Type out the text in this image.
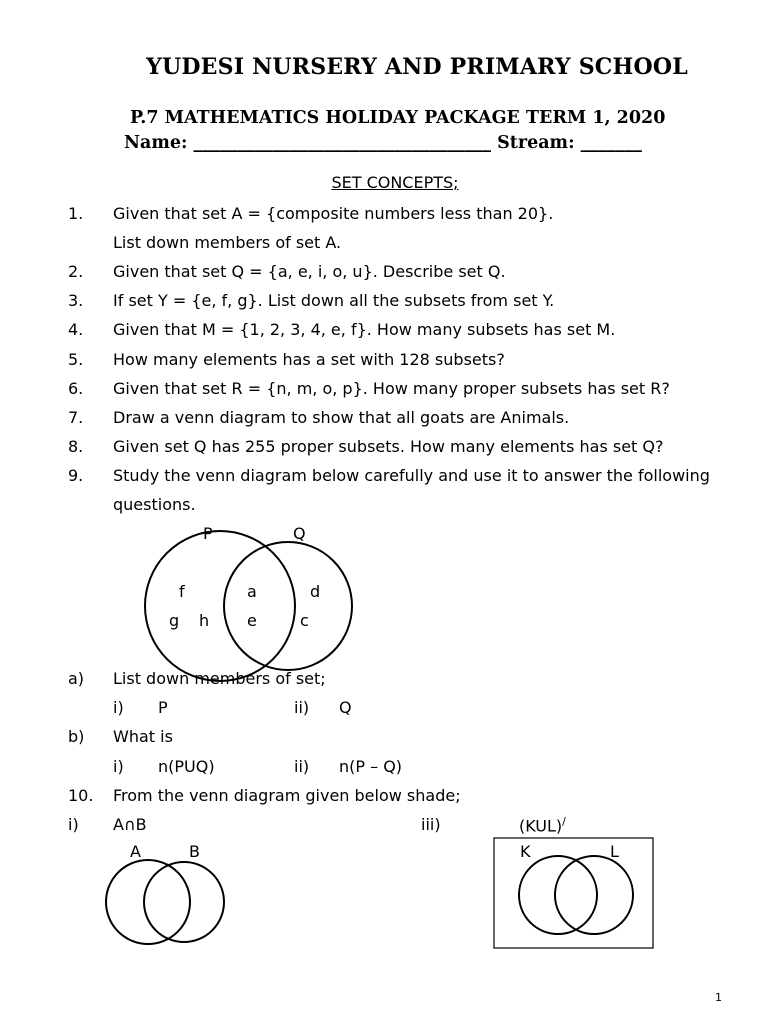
YUDESI NURSERY AND PRIMARY SCHOOL
P.7 MATHEMATICS HOLIDAY PACKAGE TERM 1, 2020
Name: __________________________________ Stream: _______
SET CONCEPTS;
1. Given that set A = {composite numbers less than 20}.
List down members of set A.
2. Given that set Q = {a, e, i, o, u}. Describe set Q.
3. If set Y = {e, f, g}. List down all the subsets from set Y.
4. Given that M = {1, 2, 3, 4, e, f}. How many subsets has set M.
5. How many elements has a set with 128 subsets?
6. Given that set R = {n, m, o, p}. How many proper subsets has set R?
7. Draw a venn diagram to show that all goats are Animals.
8. Given set Q has 255 proper subsets. How many elements has set Q?
9. Study the venn diagram below carefully and use it to answer the following
questions.
a) List down members of set;
i) P	ii) Q
b) What is
i) n(PUQ)	ii) n(P – Q)
10. From the venn diagram given below shade;
i) A∩B	iii)	(KUL)/
P	Q
f
g h
a
e
d
c
A	B	K	L
1
